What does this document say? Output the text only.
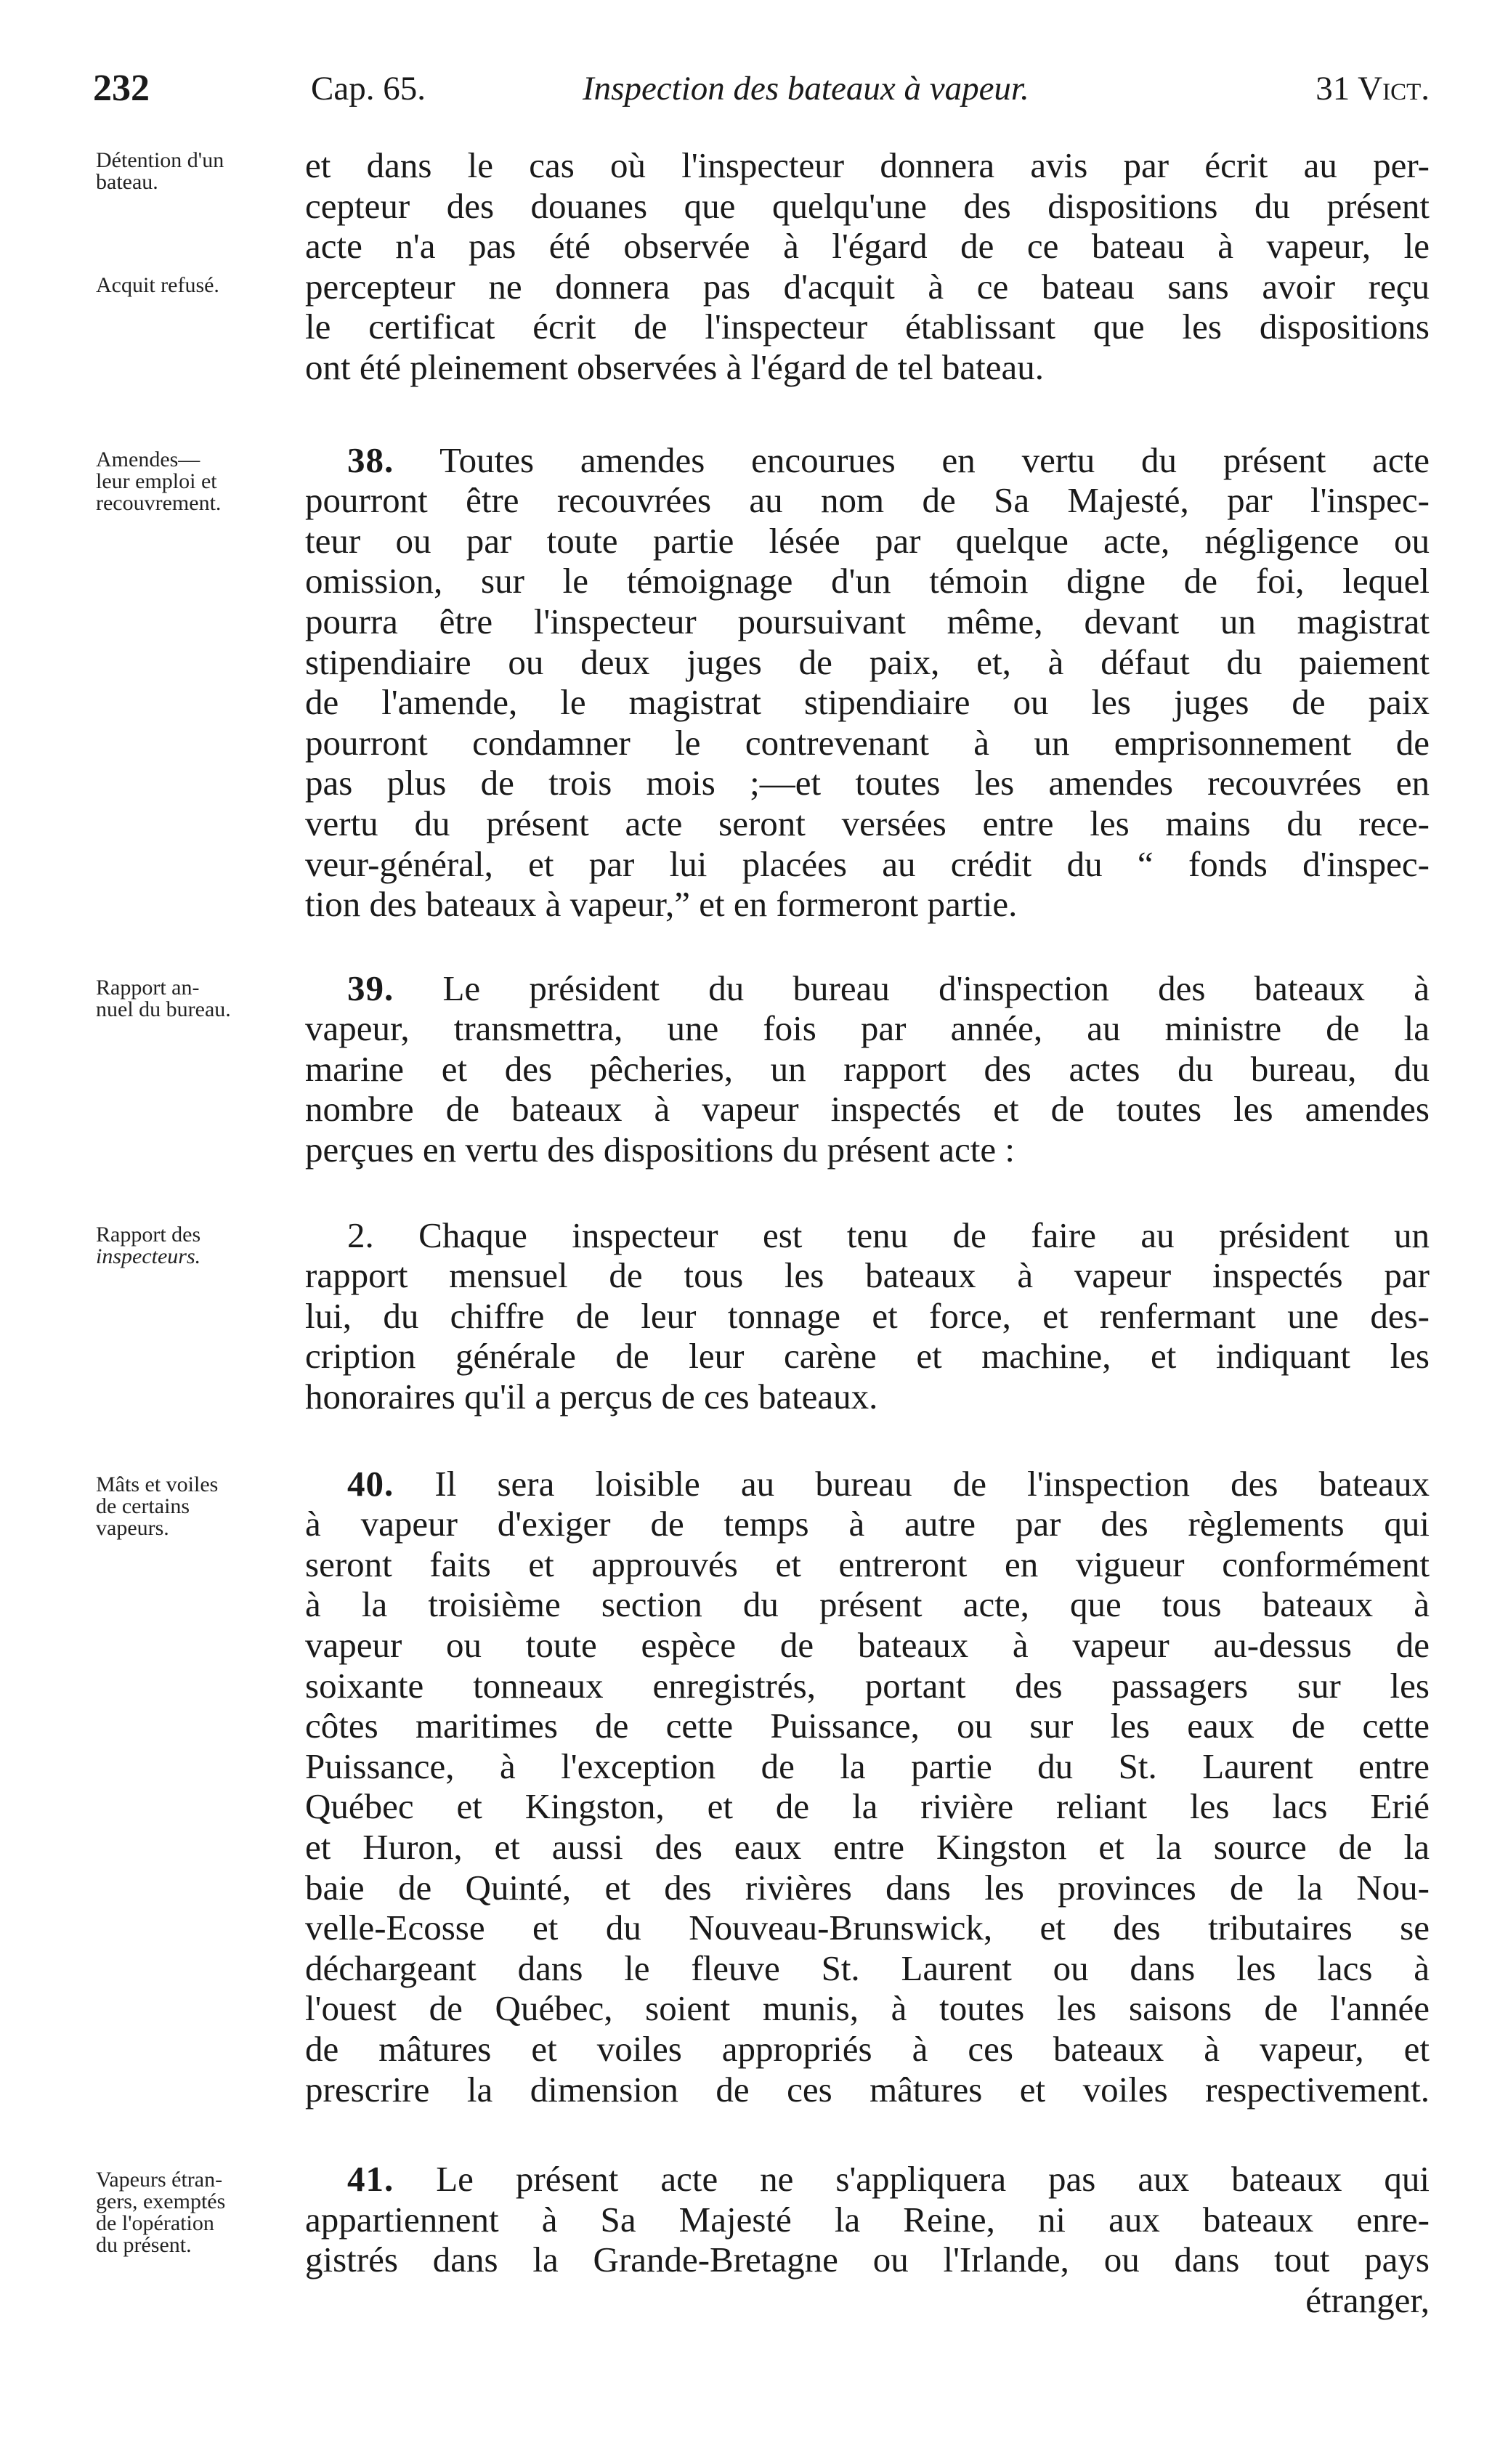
232	Cap. 65.	Inspection des bateaux à vapeur.	31 Vict.
Détention d'un
bateau.
Acquit refusé.
et dans le cas où l'inspecteur donnera avis par écrit au per-
cepteur des douanes que quelqu'une des dispositions du présent
acte n'a pas été observée à l'égard de ce bateau à vapeur, le
percepteur ne donnera pas d'acquit à ce bateau sans avoir reçu
le certificat écrit de l'inspecteur établissant que les dispositions
ont été pleinement observées à l'égard de tel bateau.
Amendes—
leur emploi et
recouvrement.
38. Toutes amendes encourues en vertu du présent acte
pourront être recouvrées au nom de Sa Majesté, par l'inspec-
teur ou par toute partie lésée par quelque acte, négligence ou
omission, sur le témoignage d'un témoin digne de foi, lequel
pourra être l'inspecteur poursuivant même, devant un magistrat
stipendiaire ou deux juges de paix, et, à défaut du paiement
de l'amende, le magistrat stipendiaire ou les juges de paix
pourront condamner le contrevenant à un emprisonnement de
pas plus de trois mois ;—et toutes les amendes recouvrées en
vertu du présent acte seront versées entre les mains du rece-
veur-général, et par lui placées au crédit du “ fonds d'inspec-
tion des bateaux à vapeur,” et en formeront partie.
Rapport an-
nuel du bureau.
39. Le président du bureau d'inspection des bateaux à
vapeur, transmettra, une fois par année, au ministre de la
marine et des pêcheries, un rapport des actes du bureau, du
nombre de bateaux à vapeur inspectés et de toutes les amendes
perçues en vertu des dispositions du présent acte :
Rapport des
inspecteurs.
2. Chaque inspecteur est tenu de faire au président un
rapport mensuel de tous les bateaux à vapeur inspectés par
lui, du chiffre de leur tonnage et force, et renfermant une des-
cription générale de leur carène et machine, et indiquant les
honoraires qu'il a perçus de ces bateaux.
Mâts et voiles
de certains
vapeurs.
40. Il sera loisible au bureau de l'inspection des bateaux
à vapeur d'exiger de temps à autre par des règlements qui
seront faits et approuvés et entreront en vigueur conformément
à la troisième section du présent acte, que tous bateaux à
vapeur ou toute espèce de bateaux à vapeur au-dessus de
soixante tonneaux enregistrés, portant des passagers sur les
côtes maritimes de cette Puissance, ou sur les eaux de cette
Puissance, à l'exception de la partie du St. Laurent entre
Québec et Kingston, et de la rivière reliant les lacs Erié
et Huron, et aussi des eaux entre Kingston et la source de la
baie de Quinté, et des rivières dans les provinces de la Nou-
velle-Ecosse et du Nouveau-Brunswick, et des tributaires se
déchargeant dans le fleuve St. Laurent ou dans les lacs à
l'ouest de Québec, soient munis, à toutes les saisons de l'année
de mâtures et voiles appropriés à ces bateaux à vapeur, et
prescrire la dimension de ces mâtures et voiles respectivement.
Vapeurs étran-
gers, exemptés
de l'opération
du présent.
41. Le présent acte ne s'appliquera pas aux bateaux qui
appartiennent à Sa Majesté la Reine, ni aux bateaux enre-
gistrés dans la Grande-Bretagne ou l'Irlande, ou dans tout pays
étranger,
